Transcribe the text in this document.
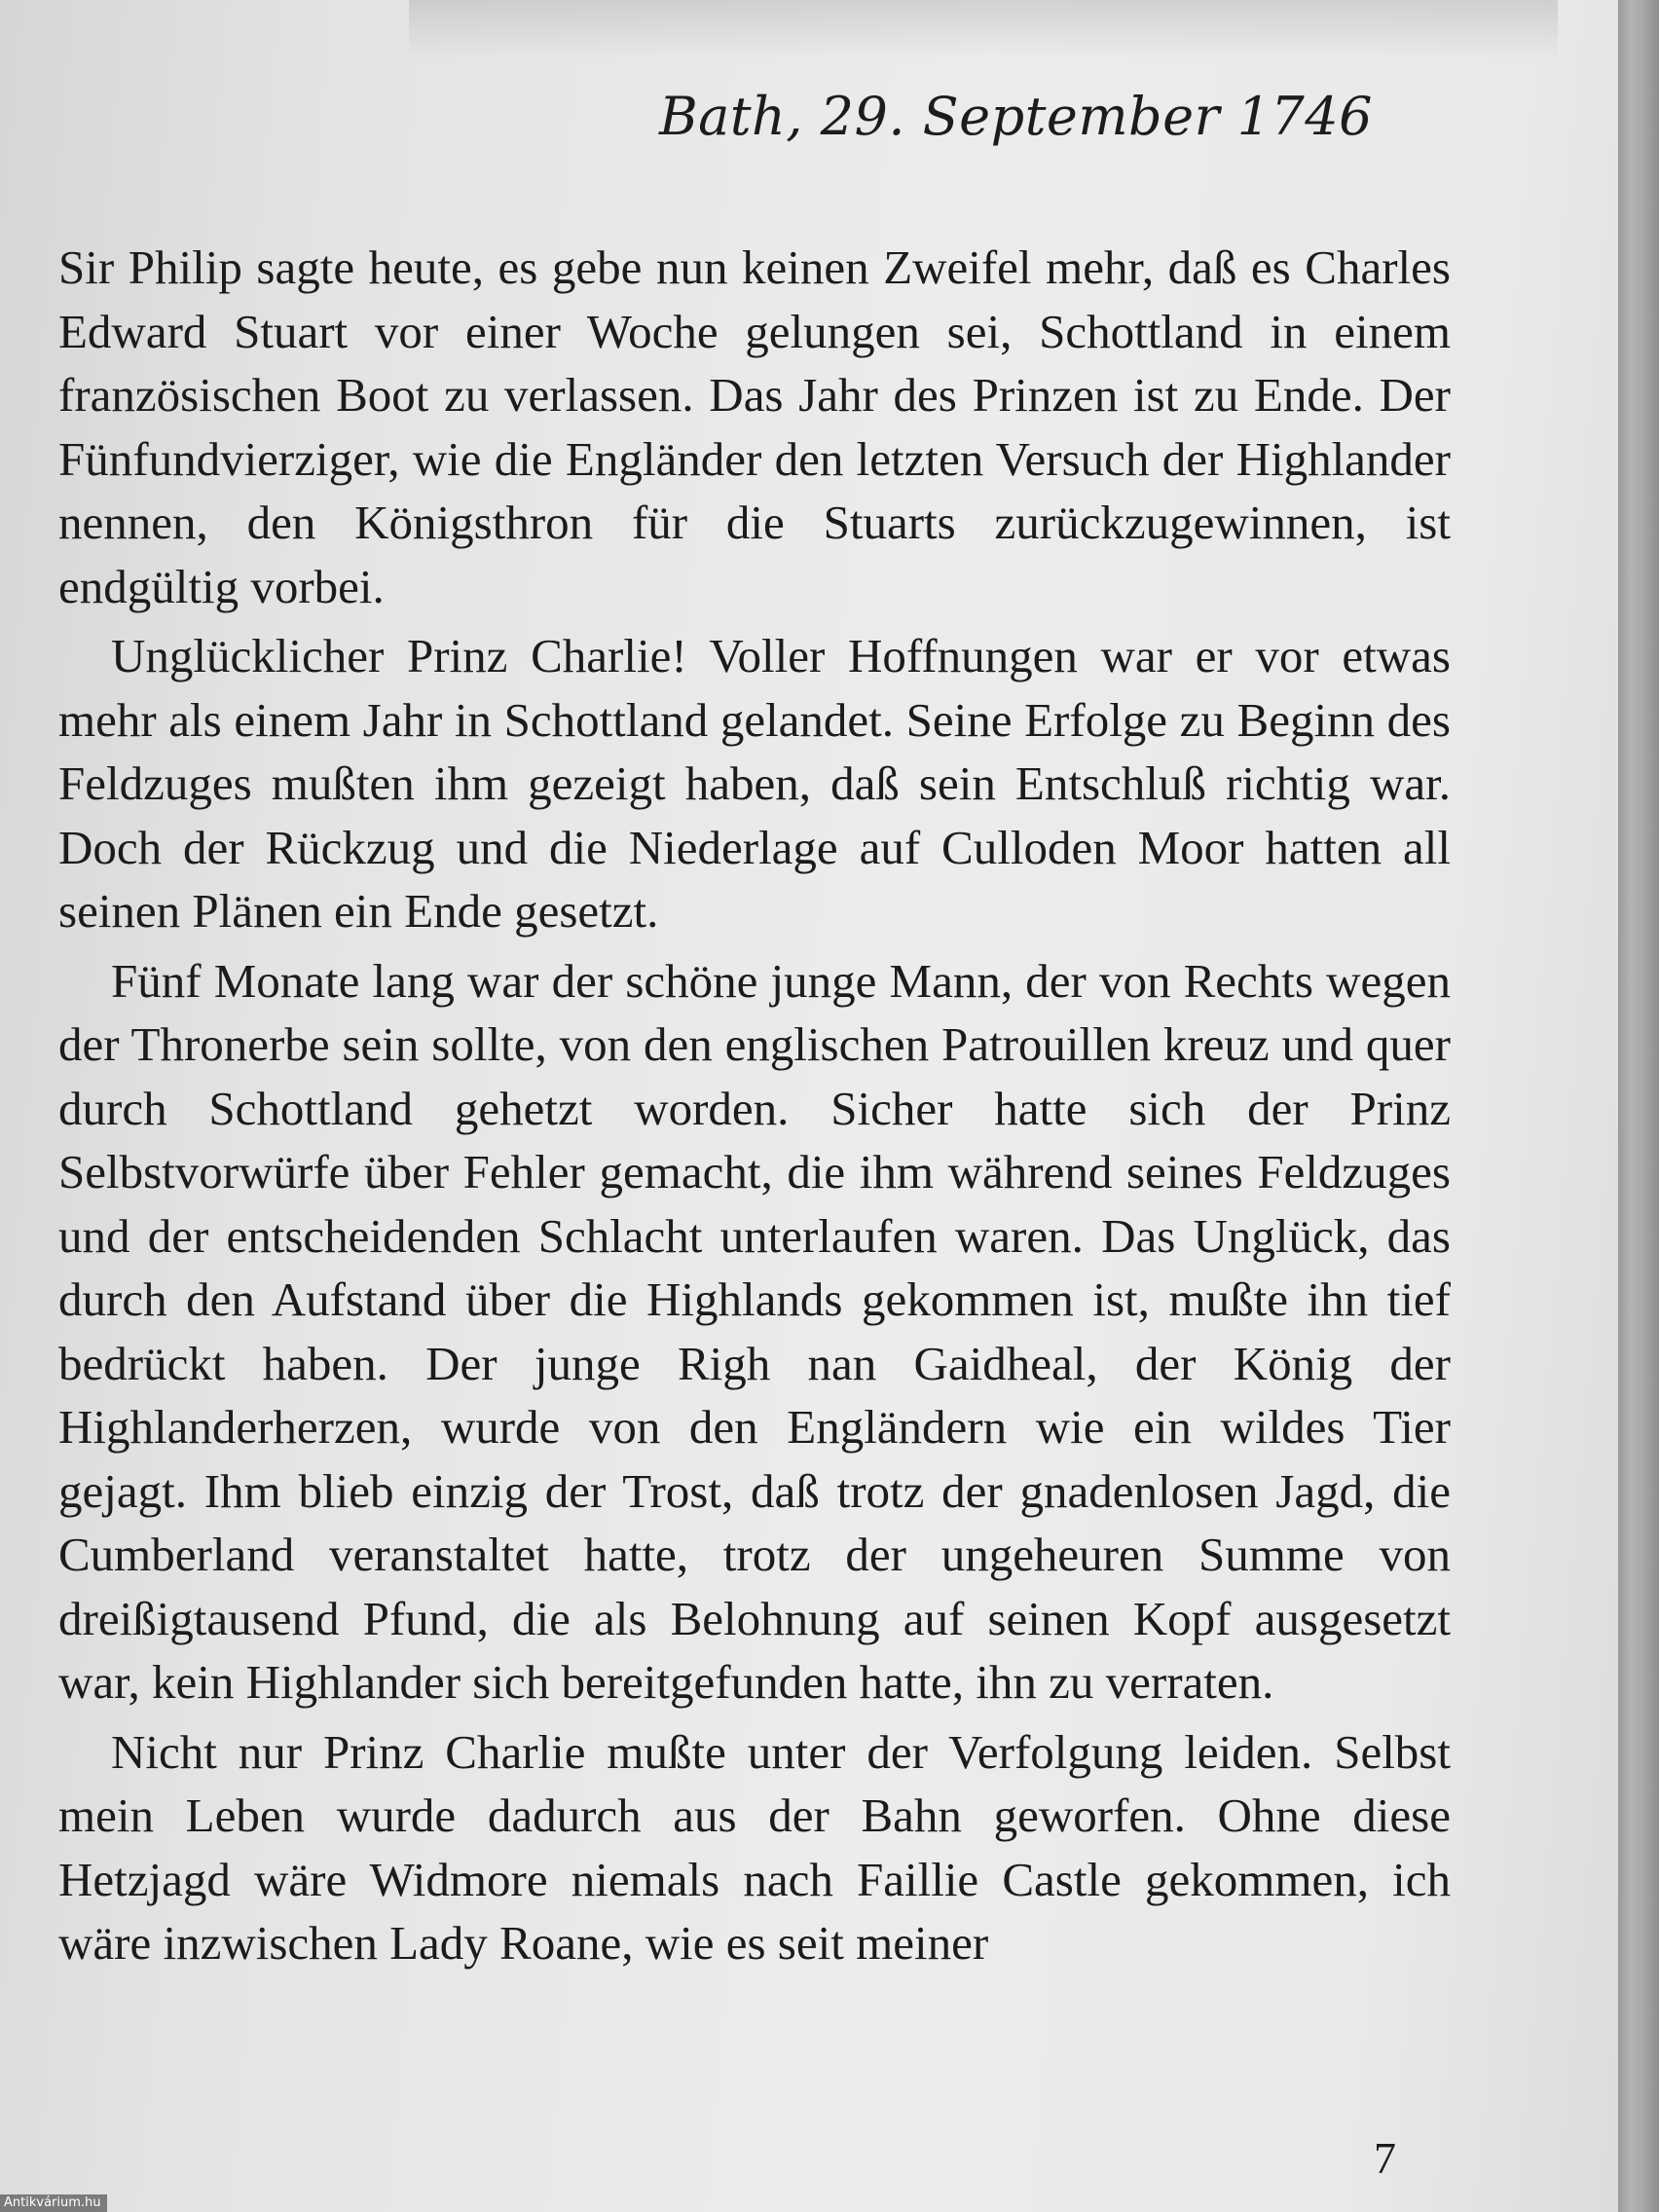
Bath, 29. September 1746

Sir Philip sagte heute, es gebe nun keinen Zweifel mehr, daß es Charles Edward Stuart vor einer Woche gelungen sei, Schottland in einem französischen Boot zu verlassen. Das Jahr des Prinzen ist zu Ende. Der Fünfundvierziger, wie die Engländer den letzten Versuch der Highlander nennen, den Königsthron für die Stuarts zurückzugewinnen, ist endgültig vorbei.

Unglücklicher Prinz Charlie! Voller Hoffnungen war er vor etwas mehr als einem Jahr in Schottland gelandet. Seine Erfolge zu Beginn des Feldzuges mußten ihm gezeigt haben, daß sein Entschluß richtig war. Doch der Rückzug und die Niederlage auf Culloden Moor hatten all seinen Plänen ein Ende gesetzt.

Fünf Monate lang war der schöne junge Mann, der von Rechts wegen der Thronerbe sein sollte, von den englischen Patrouillen kreuz und quer durch Schottland gehetzt worden. Sicher hatte sich der Prinz Selbstvorwürfe über Fehler gemacht, die ihm während seines Feldzuges und der entscheidenden Schlacht unterlaufen waren. Das Unglück, das durch den Aufstand über die Highlands gekommen ist, mußte ihn tief bedrückt haben. Der junge Righ nan Gaidheal, der König der Highlanderherzen, wurde von den Engländern wie ein wildes Tier gejagt. Ihm blieb einzig der Trost, daß trotz der gnadenlosen Jagd, die Cumberland veranstaltet hatte, trotz der ungeheuren Summe von dreißigtausend Pfund, die als Belohnung auf seinen Kopf ausgesetzt war, kein Highlander sich bereitgefunden hatte, ihn zu verraten.

Nicht nur Prinz Charlie mußte unter der Verfolgung leiden. Selbst mein Leben wurde dadurch aus der Bahn geworfen. Ohne diese Hetzjagd wäre Widmore niemals nach Faillie Castle gekommen, ich wäre inzwischen Lady Roane, wie es seit meiner

7
Antikvárium.hu
